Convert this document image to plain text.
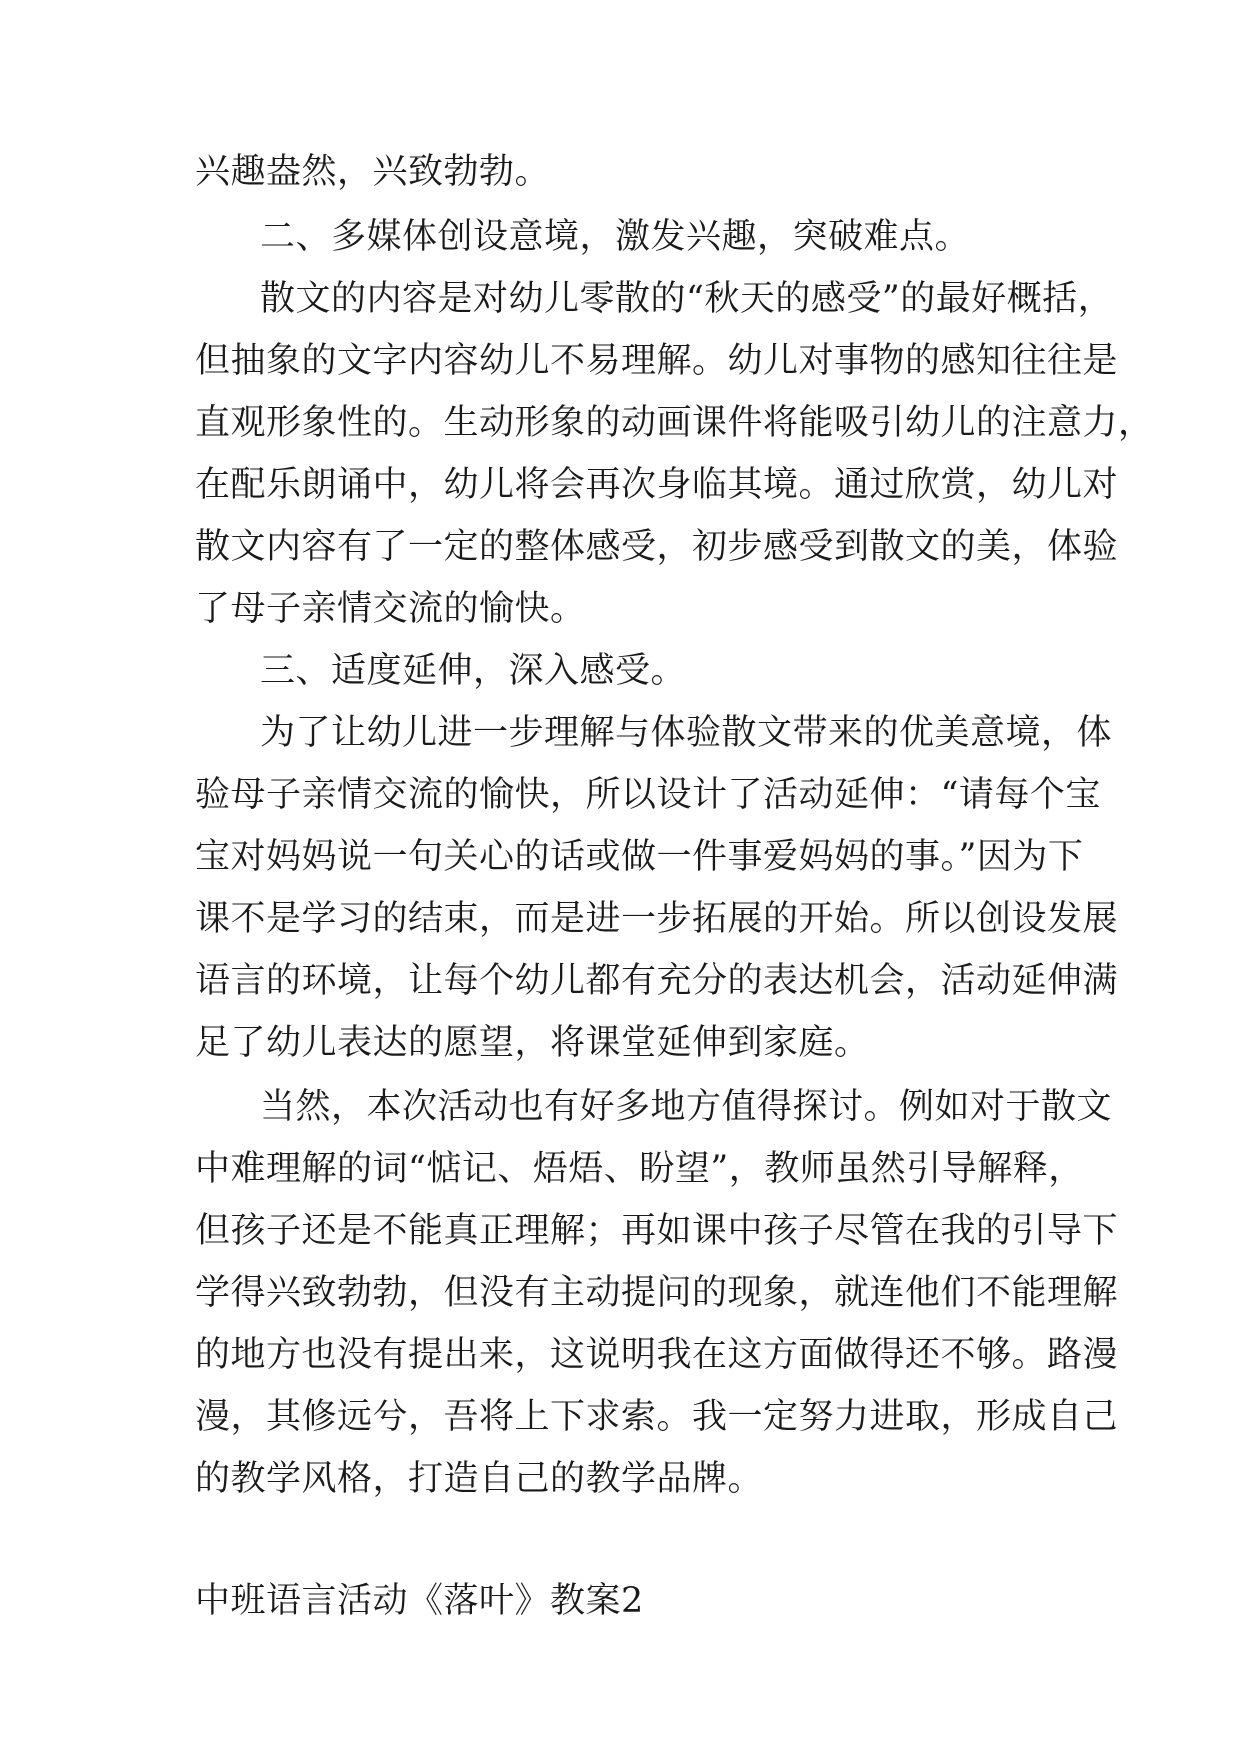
兴趣盎然，兴致勃勃。
二、多媒体创设意境，激发兴趣，突破难点。
散文的内容是对幼儿零散的“秋天的感受”的最好概括，
但抽象的文字内容幼儿不易理解。幼儿对事物的感知往往是
直观形象性的。生动形象的动画课件将能吸引幼儿的注意力，
在配乐朗诵中，幼儿将会再次身临其境。通过欣赏，幼儿对
散文内容有了一定的整体感受，初步感受到散文的美，体验
了母子亲情交流的愉快。
三、适度延伸，深入感受。
为了让幼儿进一步理解与体验散文带来的优美意境，体
验母子亲情交流的愉快，所以设计了活动延伸：“请每个宝
宝对妈妈说一句关心的话或做一件事爱妈妈的事。”因为下
课不是学习的结束，而是进一步拓展的开始。所以创设发展
语言的环境，让每个幼儿都有充分的表达机会，活动延伸满
足了幼儿表达的愿望，将课堂延伸到家庭。
当然，本次活动也有好多地方值得探讨。例如对于散文
中难理解的词“惦记、焐焐、盼望”，教师虽然引导解释，
但孩子还是不能真正理解；再如课中孩子尽管在我的引导下
学得兴致勃勃，但没有主动提问的现象，就连他们不能理解
的地方也没有提出来，这说明我在这方面做得还不够。路漫
漫，其修远兮，吾将上下求索。我一定努力进取，形成自己
的教学风格，打造自己的教学品牌。
中班语言活动《落叶》教案2
